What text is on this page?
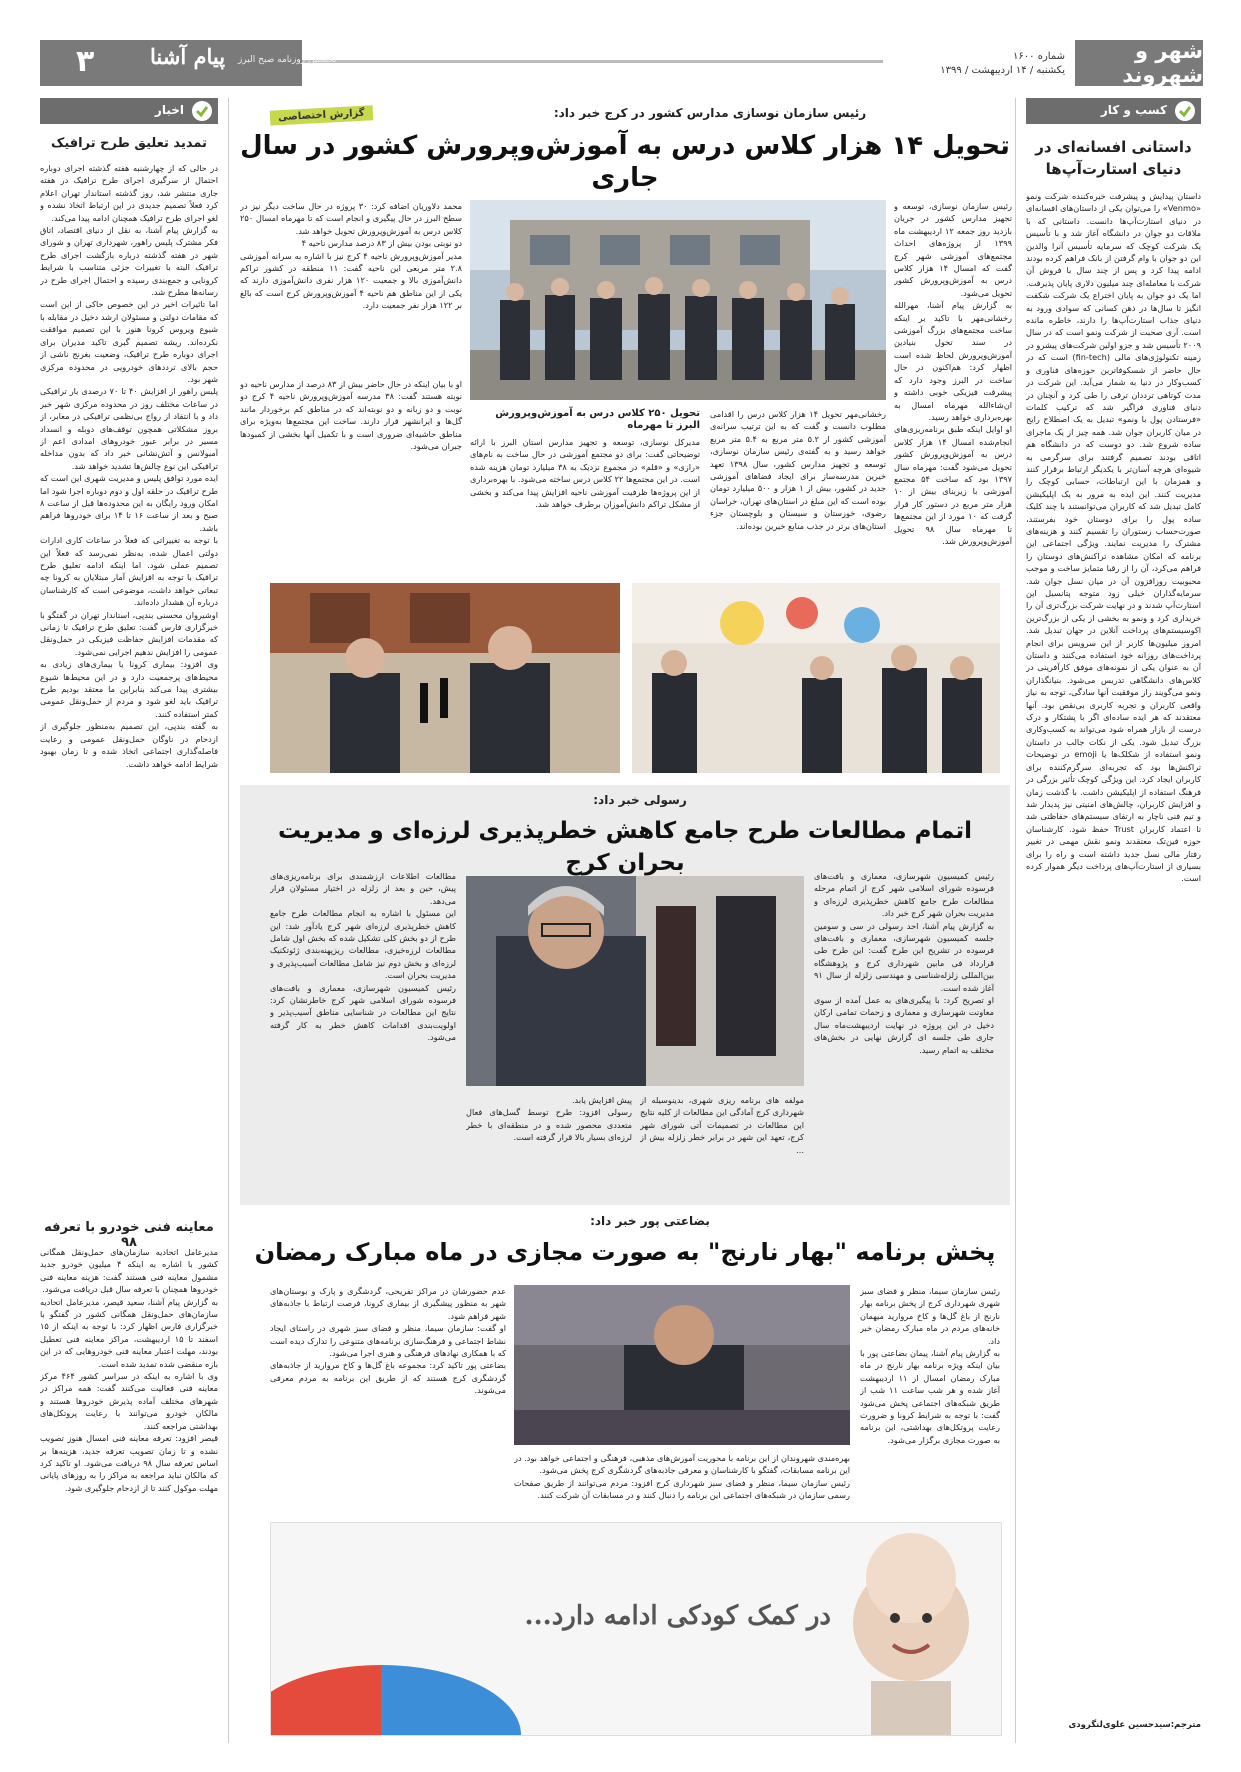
شهر و شهروند
شماره ۱۶۰۰
یکشنبه / ۱۴ اردیبهشت / ۱۳۹۹
۳	پیام آشنا نخستین روزنامه صبح البرز
کسب و کار
داستانی افسانه‌ای در دنیای استارت‌آپ‌ها

داستان پیدایش و پیشرفت خیره‌کننده شرکت ونمو «Venmo» را می‌توان یکی از داستان‌های افسانه‌ای در دنیای استارت‌آپ‌ها دانست. داستانی که با ملاقات دو جوان در دانشگاه آغاز شد و با تأسیس یک شرکت کوچک که سرمایه تأسیس آنرا والدین این دو جوان با وام گرفتن از بانک فراهم کرده بودند ادامه پیدا کرد و پس از چند سال با فروش آن شرکت با معامله‌ای چند میلیون دلاری پایان پذیرفت. اما یک دو جوان به پایان اختراع یک شرکت شکفت انگیز تا سال‌ها در ذهن کسانی که سوادی ورود به دنیای جذاب استارت‌آپ‌ها را دارند، خاطره مانده است. آری صحبت از شرکت ونمو است که در سال ۲۰۰۹ تأسیس شد و جزو اولین شرکت‌های پیشرو در زمینه تکنولوژی‌های مالی (fin-tech) است که در حال حاضر از شسکوفاترین حوزه‌های فناوری و کسب‌وکار در دنیا به شمار می‌آید. این شرکت در مدت کوتاهی ترددان ترقی را طی کرد و آنچنان در دنیای فناوری فراگیر شد که ترکیب کلمات «فرستادن پول با ونمو» تبدیل به یک اصطلاح رایج در میان کاربران جوان شد. همه چیز از یک ماجرای ساده شروع شد. دو دوست که در دانشگاه هم اتاقی بودند تصمیم گرفتند برای سرگرمی به شیوه‌ای هرچه آسان‌تر با یکدیگر ارتباط برقرار کنند و همزمان با این ارتباطات، حسابی کوچک را مدیریت کنند. این ایده به مرور به یک اپلیکیشن کامل تبدیل شد که کاربران می‌توانستند با چند کلیک ساده پول را برای دوستان خود بفرستند، صورت‌حساب رستوران را تقسیم کنند و هزینه‌های مشترک را مدیریت نمایند. ویژگی اجتماعی این برنامه که امکان مشاهده تراکنش‌های دوستان را فراهم می‌کرد، آن را از رقبا متمایز ساخت و موجب محبوبیت روزافزون آن در میان نسل جوان شد. سرمایه‌گذاران خیلی زود متوجه پتانسیل این استارت‌آپ شدند و در نهایت شرکت بزرگ‌تری آن را خریداری کرد و ونمو به بخشی از یکی از بزرگ‌ترین اکوسیستم‌های پرداخت آنلاین در جهان تبدیل شد. امروز میلیون‌ها کاربر از این سرویس برای انجام پرداخت‌های روزانه خود استفاده می‌کنند و داستان آن به عنوان یکی از نمونه‌های موفق کارآفرینی در کلاس‌های دانشگاهی تدریس می‌شود. بنیانگذاران ونمو می‌گویند راز موفقیت آنها سادگی، توجه به نیاز واقعی کاربران و تجربه کاربری بی‌نقص بود. آنها معتقدند که هر ایده ساده‌ای اگر با پشتکار و درک درست از بازار همراه شود می‌تواند به کسب‌وکاری بزرگ تبدیل شود. یکی از نکات جالب در داستان ونمو استفاده از شکلک‌ها یا emoji در توضیحات تراکنش‌ها بود که تجربه‌ای سرگرم‌کننده برای کاربران ایجاد کرد. این ویژگی کوچک تأثیر بزرگی در فرهنگ استفاده از اپلیکیشن داشت. با گذشت زمان و افزایش کاربران، چالش‌های امنیتی نیز پدیدار شد و تیم فنی ناچار به ارتقای سیستم‌های حفاظتی شد تا اعتماد کاربران Trust حفظ شود. کارشناسان حوزه فین‌تک معتقدند ونمو نقش مهمی در تغییر رفتار مالی نسل جدید داشته است و راه را برای بسیاری از استارت‌آپ‌های پرداخت دیگر هموار کرده است.

مترجم:سیدحسین علوی‌لنگرودی
رئیس سازمان نوسازی مدارس کشور در کرج خبر داد:
گزارش اختصاصی
تحویل ۱۴ هزار کلاس درس به آموزش‌وپرورش کشور در سال جاری

رئیس سازمان نوسازی، توسعه و تجهیز مدارس کشور در جریان بازدید روز جمعه ۱۲ اردیبهشت ماه ۱۳۹۹ از پروژه‌های احداث مجتمع‌های آموزشی شهر کرج گفت که امسال ۱۴ هزار کلاس درس به آموزش‌وپرورش کشور تحویل می‌شود.
به گزارش پیام آشنا، مهرالله رخشانی‌مهر با تاکید بر اینکه ساخت مجتمع‌های بزرگ آموزشی در سند تحول بنیادین آموزش‌وپرورش لحاظ شده است اظهار کرد: هم‌اکنون در حال ساخت در البرز وجود دارد که پیشرفت فیزیکی خوبی داشته و ان‌شاءالله مهرماه امسال به بهره‌برداری خواهد رسید.
او اوایل اینکه طبق برنامه‌ریزی‌های انجام‌شده امسال ۱۴ هزار کلاس درس به آموزش‌وپرورش کشور تحویل می‌شود گفت: مهرماه سال ۱۳۹۷ بود که ساخت ۵۴ مجتمع آموزشی با زیربنای بیش از ۱۰ هزار متر مربع در دستور کار قرار گرفت که ۱۰ مورد از این مجتمع‌ها تا مهرماه سال ۹۸ تحویل آموزش‌وپرورش شد.

رخشانی‌مهر تحویل ۱۴ هزار کلاس درس را اقدامی مطلوب دانست و گفت که به این ترتیب سرانه‌ی آموزشی کشور از ۵.۲ متر مربع به ۵.۴ متر مربع خواهد رسید و به گفته‌ی رئیس سازمان نوسازی، توسعه و تجهیز مدارس کشور، سال ۱۳۹۸ تعهد خیرین مدرسه‌ساز برای ایجاد فضاهای آموزشی جدید در کشور، بیش از ۱ هزار و ۵۰۰ میلیارد تومان بوده است که این مبلغ در استان‌های تهران، خراسان رضوی، خوزستان و سیستان و بلوچستان جزء استان‌های برتر در جذب منابع خیرین بوده‌اند.

تحویل ۲۵۰ کلاس درس به آموزش‌وپرورش البرز تا مهرماه

مدیرکل نوسازی، توسعه و تجهیز مدارس استان البرز با ارائه توضیحاتی گفت: برای دو مجتمع آموزشی در حال ساخت به نام‌های «رازی» و «قلم» در مجموع نزدیک به ۳۸ میلیارد تومان هزینه شده است. در این مجتمع‌ها ۲۲ کلاس درس ساخته می‌شود. با بهره‌برداری از این پروژه‌ها ظرفیت آموزشی ناحیه افزایش پیدا می‌کند و بخشی از مشکل تراکم دانش‌آموزان برطرف خواهد شد.

محمد دلاوریان اضافه کرد: ۳۰ پروژه در حال ساخت دیگر نیز در سطح البرز در حال پیگیری و انجام است که تا مهرماه امسال ۲۵۰ کلاس درس به آموزش‌وپرورش تحویل خواهد شد.
دو نوبتی بودن بیش از ۸۳ درصد مدارس ناحیه ۴
مدیر آموزش‌وپرورش ناحیه ۴ کرج نیز با اشاره به سرانه آموزشی ۲.۸ متر مربعی این ناحیه گفت: ۱۱ منطقه در کشور تراکم دانش‌آموزی بالا و جمعیت ۱۲۰ هزار نفری دانش‌آموزی دارند که یکی از این مناطق هم ناحیه ۴ آموزش‌وپرورش کرج است که بالغ بر ۱۲۲ هزار نفر جمعیت دارد.

او با بیان اینکه در حال حاضر بیش از ۸۳ درصد از مدارس ناحیه دو نوبته هستند گفت: ۳۸ مدرسه آموزش‌وپرورش ناحیه ۴ کرج دو نوبت و دو زبانه و دو نوبته‌اند که در مناطق کم برخوردار مانند گل‌ها و ایرانشهر قرار دارند. ساخت این مجتمع‌ها به‌ویژه برای مناطق حاشیه‌ای ضروری است و با تکمیل آنها بخشی از کمبودها جبران می‌شود.

رسولی خبر داد:
اتمام مطالعات طرح جامع کاهش خطرپذیری لرزه‌ای و مدیریت بحران کرج	رئیس کمیسیون شهرسازی، معماری و بافت‌های فرسوده شورای اسلامی شهر کرج از اتمام مرحله مطالعات طرح جامع کاهش خطرپذیری لرزه‌ای و مدیریت بحران شهر کرج خبر داد.
به گزارش پیام آشنا، احد رسولی در سی و سومین جلسه کمیسیون شهرسازی، معماری و بافت‌های فرسوده در تشریح این طرح گفت: این طرح طی قرارداد فی مابین شهرداری کرج و پژوهشگاه بین‌المللی زلزله‌شناسی و مهندسی زلزله از سال ۹۱ آغاز شده است.
او تصریح کرد: با پیگیری‌های به عمل آمده از سوی معاونت شهرسازی و معماری و زحمات تمامی ارکان دخیل در این پروژه در نهایت اردیبهشت‌ماه سال جاری طی جلسه ای گزارش نهایی در بخش‌های مختلف به اتمام رسید.

مطالعات اطلاعات ارزشمندی برای برنامه‌ریزی‌های پیش، حین و بعد از زلزله در اختیار مسئولان قرار می‌دهد.
این مسئول با اشاره به انجام مطالعات طرح جامع کاهش خطرپذیری لرزه‌ای شهر کرج یادآور شد: این طرح از دو بخش کلی تشکیل شده که بخش اول شامل مطالعات لرزه‌خیزی، مطالعات ریزپهنه‌بندی ژئوتکنیک لرزه‌ای و بخش دوم نیز شامل مطالعات آسیب‌پذیری و مدیریت بحران است.
رئیس کمیسیون شهرسازی، معماری و بافت‌های فرسوده شورای اسلامی شهر کرج خاطرنشان کرد: نتایج این مطالعات در شناسایی مناطق آسیب‌پذیر و اولویت‌بندی اقدامات کاهش خطر به کار گرفته می‌شود.

مولفه های برنامه ریزی شهری، بدینوسیله از شهرداری کرج آمادگی این مطالعات از کلیه نتایج این مطالعات در تصمیمات آتی شورای شهر کرج، تعهد این شهر در برابر خطر زلزله بیش از ...

پیش افزایش یابد.
رسولی افزود: طرح توسط گسل‌های فعال متعددی محصور شده و در منطقه‌ای با خطر لرزه‌ای بسیار بالا قرار گرفته است.

بضاعتی پور خبر داد:
پخش برنامه "بهار نارنج" به صورت مجازی در ماه مبارک رمضان

رئیس سازمان سیما، منظر و فضای سبز شهری شهرداری کرج از پخش برنامه بهار نارنج از باغ گل‌ها و کاخ مروارید میهمان خانه‌های مردم در ماه مبارک رمضان خبر داد.
به گزارش پیام آشنا، پیمان بضاعتی پور با بیان اینکه ویژه برنامه بهار نارنج در ماه مبارک رمضان امسال از ۱۱ اردیبهشت آغاز شده و هر شب ساعت ۱۱ شب از طریق شبکه‌های اجتماعی پخش می‌شود گفت: با توجه به شرایط کرونا و ضرورت رعایت پروتکل‌های بهداشتی، این برنامه به صورت مجازی برگزار می‌شود.

بهره‌مندی شهروندان از این برنامه با محوریت آموزش‌های مذهبی، فرهنگی و اجتماعی خواهد بود. در این برنامه مسابقات، گفتگو با کارشناسان و معرفی جاذبه‌های گردشگری کرج پخش می‌شود.
رئیس سازمان سیما، منظر و فضای سبز شهرداری کرج افزود: مردم می‌توانند از طریق صفحات رسمی سازمان در شبکه‌های اجتماعی این برنامه را دنبال کنند و در مسابقات آن شرکت کنند.

عدم حضورشان در مراکز تفریحی، گردشگری و پارک و بوستان‌های شهر به منظور پیشگیری از بیماری کرونا، فرصت ارتباط با جاذبه‌های شهر فراهم شود.
او گفت: سازمان سیما، منظر و فضای سبز شهری در راستای ایجاد نشاط اجتماعی و فرهنگ‌سازی برنامه‌های متنوعی را تدارک دیده است که با همکاری نهادهای فرهنگی و هنری اجرا می‌شود.
بضاعتی پور تاکید کرد: مجموعه باغ گل‌ها و کاخ مروارید از جاذبه‌های گردشگری کرج هستند که از طریق این برنامه به مردم معرفی می‌شوند.

در کمک کودکی ادامه دارد...
اخبار
تمدید تعلیق طرح ترافیک

در حالی که از چهارشنبه هفته گذشته اجرای دوباره احتمال از سرگیری اجرای طرح ترافیک در هفته جاری منتشر شد، روز گذشته استاندار تهران اعلام کرد فعلاً تصمیم جدیدی در این ارتباط اتخاذ نشده و لغو اجرای طرح ترافیک همچنان ادامه پیدا می‌کند.
به گزارش پیام آشنا، به نقل از دنیای اقتصاد، اتاق فکر مشترک پلیس راهور، شهرداری تهران و شورای شهر در هفته گذشته درباره بازگشت اجرای طرح ترافیک البته با تغییرات جزئی متناسب با شرایط کرونایی و جمع‌بندی رسیده و احتمال اجرای طرح در رسانه‌ها مطرح شد.
اما تاثیرات اخیر در این خصوص حاکی از این است که مقامات دولتی و مسئولان ارشد دخیل در مقابله با شیوع ویروس کرونا هنوز با این تصمیم موافقت نکرده‌اند. ریشه تصمیم گیری تاکید مدیران برای اجرای دوباره طرح ترافیک، وضعیت بغرنج ناشی از حجم بالای ترددهای خودرویی در محدوده مرکزی شهر بود.
پلیس راهور از افزایش ۴۰ تا ۷۰ درصدی بار ترافیکی در ساعات مختلف روز در محدوده مرکزی شهر خبر داد و با انتقاد از رواج بی‌نظمی ترافیکی در معابر، از بروز مشکلاتی همچون توقف‌های دوبله و انسداد مسیر در برابر عبور خودروهای امدادی اعم از آمبولانس و آتش‌نشانی خبر داد که بدون مداخله ترافیکی این نوع چالش‌ها تشدید خواهد شد.
ایده مورد توافق پلیس و مدیریت شهری این است که طرح ترافیک در حلقه اول و دوم دوباره اجرا شود اما امکان ورود رایگان به این محدوده‌ها قبل از ساعت ۸ صبح و بعد از ساعت ۱۶ تا ۱۴ برای خودروها فراهم باشد.
با توجه به تغییراتی که فعلاً در ساعات کاری ادارات دولتی اعمال شده، به‌نظر نمی‌رسد که فعلاً این تصمیم عملی شود. اما اینکه ادامه تعلیق طرح ترافیک با توجه به افزایش آمار مبتلایان به کرونا چه تبعاتی خواهد داشت، موضوعی است که کارشناسان درباره آن هشدار داده‌اند.
اوشیروان محسنی بندپی، استاندار تهران در گفتگو با خبرگزاری فارس گفت: تعلیق طرح ترافیک تا زمانی که مقدمات افزایش حفاظت فیزیکی در حمل‌ونقل عمومی را افزایش ندهیم اجرایی نمی‌شود.
وی افزود: بیماری کرونا یا بیماری‌های زیادی به محیط‌های پرجمعیت دارد و در این محیط‌ها شیوع بیشتری پیدا می‌کند بنابراین ما معتقد بودیم طرح ترافیک باید لغو شود و مردم از حمل‌ونقل عمومی کمتر استفاده کنند.
به گفته بندپی، این تصمیم به‌منظور جلوگیری از ازدحام در ناوگان حمل‌ونقل عمومی و رعایت فاصله‌گذاری اجتماعی اتخاذ شده و تا زمان بهبود شرایط ادامه خواهد داشت.

معاینه فنی خودرو با تعرفه ۹۸

مدیرعامل اتحادیه سازمان‌های حمل‌ونقل همگانی کشور با اشاره به اینکه ۴ میلیون خودرو جدید مشمول معاینه فنی هستند گفت: هزینه معاینه فنی خودروها همچنان با تعرفه سال قبل دریافت می‌شود.
به گزارش پیام آشنا، سعید قیصر، مدیرعامل اتحادیه سازمان‌های حمل‌ونقل همگانی کشور در گفتگو با خبرگزاری فارس اظهار کرد: با توجه به اینکه از ۱۵ اسفند تا ۱۵ اردیبهشت، مراکز معاینه فنی تعطیل بودند، مهلت اعتبار معاینه فنی خودروهایی که در این بازه منقضی شده تمدید شده است.
وی با اشاره به اینکه در سراسر کشور ۴۶۴ مرکز معاینه فنی فعالیت می‌کنند گفت: همه مراکز در شهرهای مختلف آماده پذیرش خودروها هستند و مالکان خودرو می‌توانند با رعایت پروتکل‌های بهداشتی مراجعه کنند.
قیصر افزود: تعرفه معاینه فنی امسال هنوز تصویب نشده و تا زمان تصویب تعرفه جدید، هزینه‌ها بر اساس تعرفه سال ۹۸ دریافت می‌شود. او تاکید کرد که مالکان نباید مراجعه به مراکز را به روزهای پایانی مهلت موکول کنند تا از ازدحام جلوگیری شود.
